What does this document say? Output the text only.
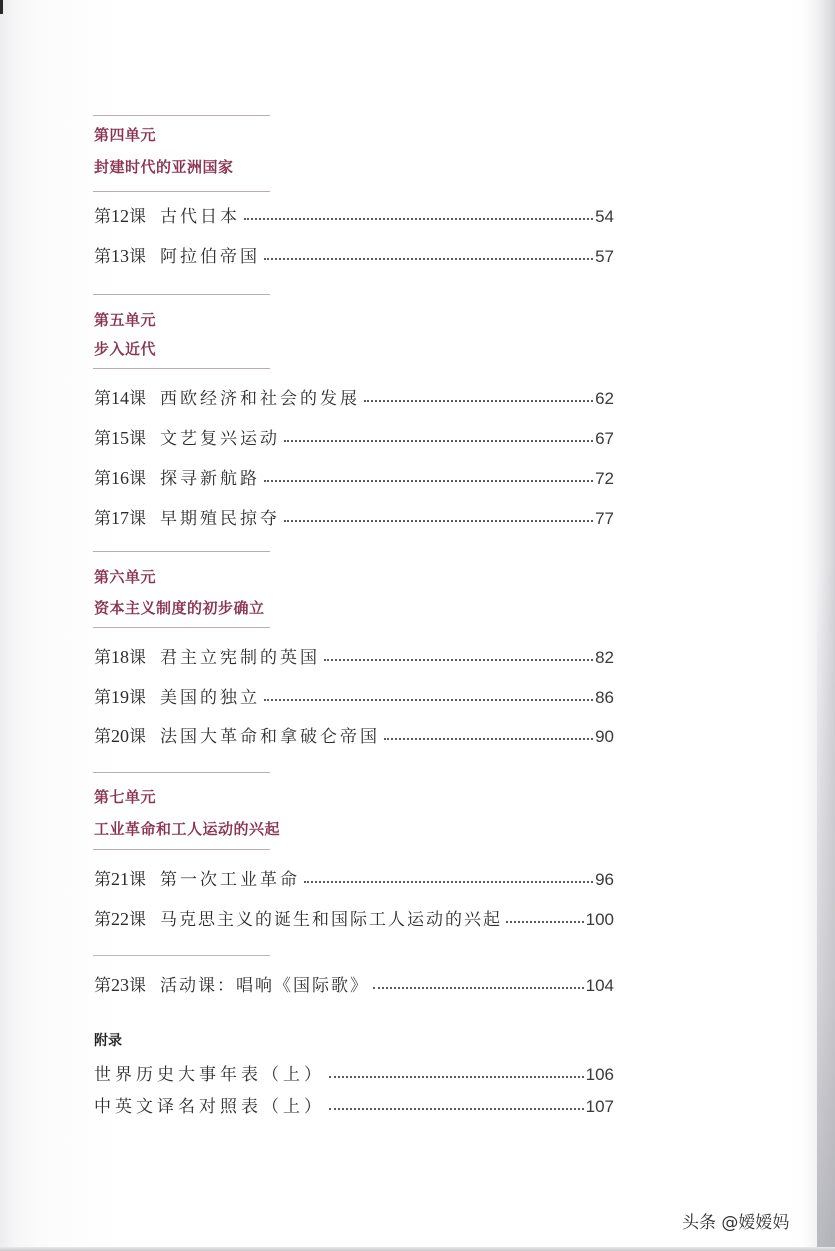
第四单元
封建时代的亚洲国家
第12课 古代日本	54
第13课 阿拉伯帝国	57
第五单元
步入近代
第14课 西欧经济和社会的发展	62
第15课 文艺复兴运动	67
第16课 探寻新航路	72
第17课 早期殖民掠夺	77
第六单元
资本主义制度的初步确立
第18课 君主立宪制的英国	82
第19课 美国的独立	86
第20课 法国大革命和拿破仑帝国	90
第七单元
工业革命和工人运动的兴起
第21课 第一次工业革命	96
第22课 马克思主义的诞生和国际工人运动的兴起	100
第23课 活动课：唱响《国际歌》	104
附录
世界历史大事年表（上）	106
中英文译名对照表（上）	107
头条 @嫒嫒妈
